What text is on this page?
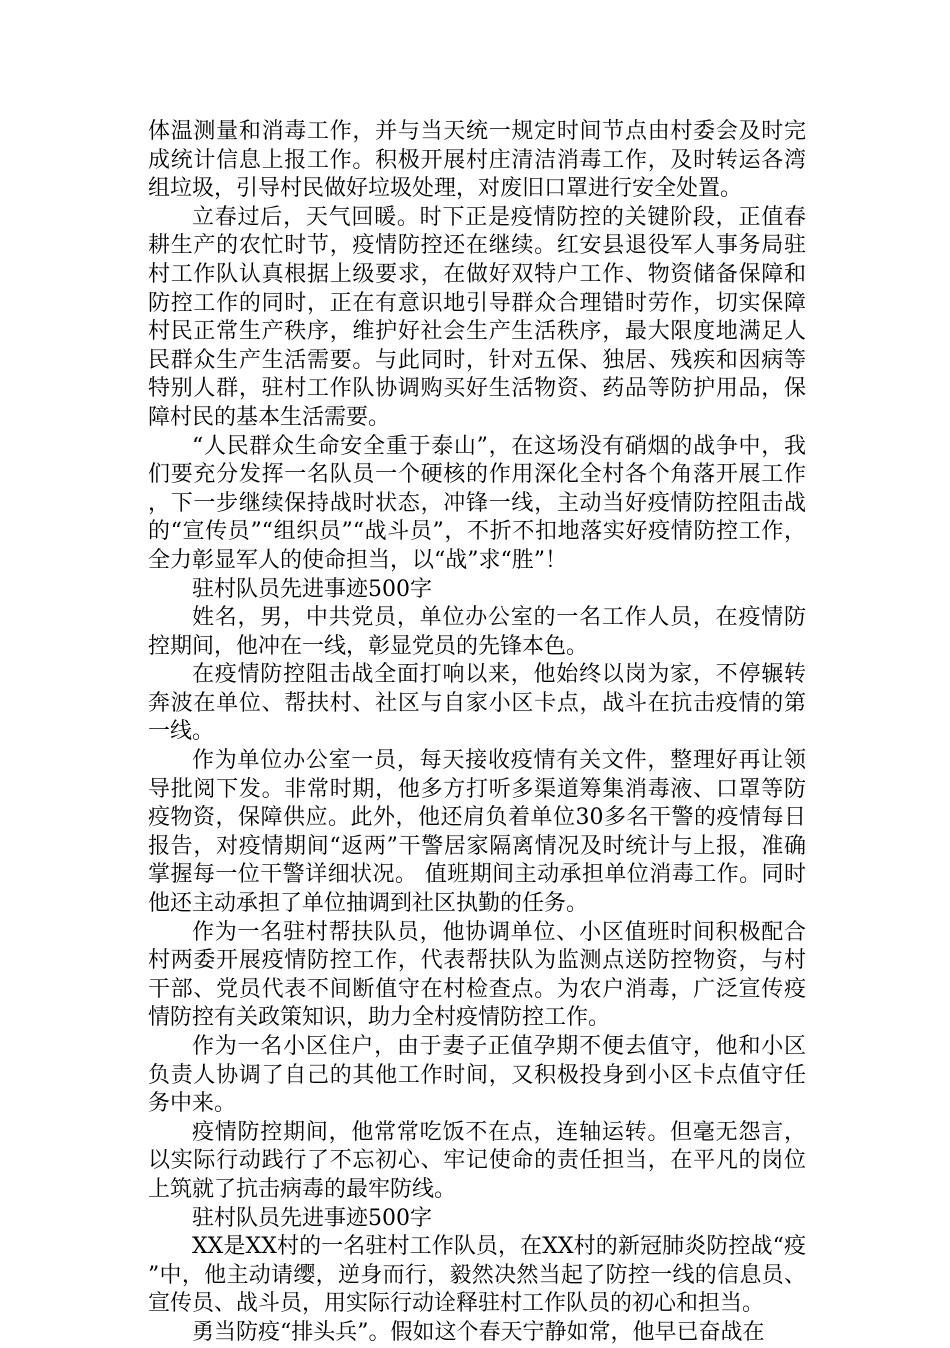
体温测量和消毒工作，并与当天统一规定时间节点由村委会及时完成统计信息上报工作。积极开展村庄清洁消毒工作，及时转运各湾组垃圾，引导村民做好垃圾处理，对废旧口罩进行安全处置。

立春过后，天气回暖。时下正是疫情防控的关键阶段，正值春耕生产的农忙时节，疫情防控还在继续。红安县退役军人事务局驻村工作队认真根据上级要求，在做好双特户工作、物资储备保障和防控工作的同时，正在有意识地引导群众合理错时劳作，切实保障村民正常生产秩序，维护好社会生产生活秩序，最大限度地满足人民群众生产生活需要。与此同时，针对五保、独居、残疾和因病等特别人群，驻村工作队协调购买好生活物资、药品等防护用品，保障村民的基本生活需要。

“人民群众生命安全重于泰山”，在这场没有硝烟的战争中，我们要充分发挥一名队员一个硬核的作用深化全村各个角落开展工作，下一步继续保持战时状态，冲锋一线，主动当好疫情防控阻击战的“宣传员”“组织员”“战斗员”，不折不扣地落实好疫情防控工作，全力彰显军人的使命担当，以“战”求“胜”！

驻村队员先进事迹500字

姓名，男，中共党员，单位办公室的一名工作人员，在疫情防控期间，他冲在一线，彰显党员的先锋本色。

在疫情防控阻击战全面打响以来，他始终以岗为家，不停辗转奔波在单位、帮扶村、社区与自家小区卡点，战斗在抗击疫情的第一线。

作为单位办公室一员，每天接收疫情有关文件，整理好再让领导批阅下发。非常时期，他多方打听多渠道筹集消毒液、口罩等防疫物资，保障供应。此外，他还肩负着单位30多名干警的疫情每日报告，对疫情期间“返两”干警居家隔离情况及时统计与上报，准确掌握每一位干警详细状况。 值班期间主动承担单位消毒工作。同时他还主动承担了单位抽调到社区执勤的任务。

作为一名驻村帮扶队员，他协调单位、小区值班时间积极配合村两委开展疫情防控工作，代表帮扶队为监测点送防控物资，与村干部、党员代表不间断值守在村检查点。为农户消毒，广泛宣传疫情防控有关政策知识，助力全村疫情防控工作。

作为一名小区住户，由于妻子正值孕期不便去值守，他和小区负责人协调了自己的其他工作时间，又积极投身到小区卡点值守任务中来。

疫情防控期间，他常常吃饭不在点，连轴运转。但毫无怨言，以实际行动践行了不忘初心、牢记使命的责任担当，在平凡的岗位上筑就了抗击病毒的最牢防线。

驻村队员先进事迹500字

XX是XX村的一名驻村工作队员，在XX村的新冠肺炎防控战“疫”中，他主动请缨，逆身而行，毅然决然当起了防控一线的信息员、宣传员、战斗员，用实际行动诠释驻村工作队员的初心和担当。

勇当防疫“排头兵”。假如这个春天宁静如常，他早已奋战在
